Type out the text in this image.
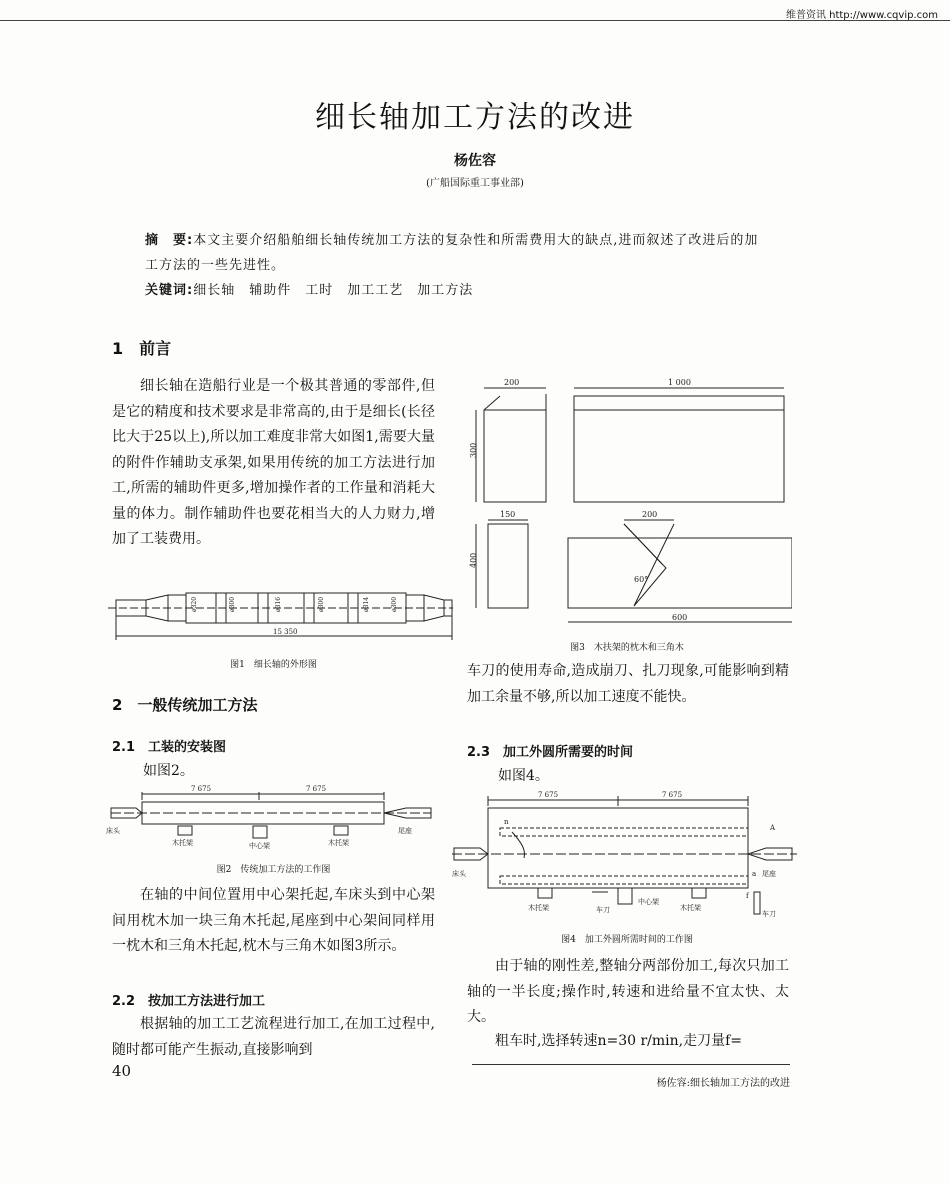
维普资讯 http://www.cqvip.com
细长轴加工方法的改进
杨佐容
(广船国际重工事业部)
摘　要:本文主要介绍船舶细长轴传统加工方法的复杂性和所需费用大的缺点,进而叙述了改进后的加工方法的一些先进性。
关键词:细长轴　辅助件　工时　加工工艺　加工方法
1　前言
细长轴在造船行业是一个极其普通的零部件,但是它的精度和技术要求是非常高的,由于是细长(长径比大于25以上),所以加工难度非常大如图1,需要大量的附件作辅助支承架,如果用传统的加工方法进行加工,所需的辅助件更多,增加操作者的工作量和消耗大量的体力。制作辅助件也要花相当大的人力财力,增加了工装费用。
ø320	ø300	ø316	ø300	ø314	ø300
15 350
图1　细长轴的外形图
2　一般传统加工方法
2.1　工装的安装图
如图2。
7 675	7 675
床头	尾座
木托架	中心架	木托架
图2　传统加工方法的工作图
在轴的中间位置用中心架托起,车床头到中心架间用枕木加一块三角木托起,尾座到中心架间同样用一枕木和三角木托起,枕木与三角木如图3所示。
2.2　按加工方法进行加工
根据轴的加工工艺流程进行加工,在加工过程中,随时都可能产生振动,直接影响到
200	1 000
300
150
400
200
60°
600
图3　木扶架的枕木和三角木
车刀的使用寿命,造成崩刀、扎刀现象,可能影响到精加工余量不够,所以加工速度不能快。
2.3　加工外圆所需要的时间
如图4。
n
A
7 675	7 675
床头	a 尾座
木托架	车刀
中心架
木托架
f
车刀
图4　加工外圆所需时间的工作图
由于轴的刚性差,整轴分两部份加工,每次只加工轴的一半长度;操作时,转速和进给量不宜太快、太大。
粗车时,选择转速n=30 r/min,走刀量f=
40
杨佐容:细长轴加工方法的改进
